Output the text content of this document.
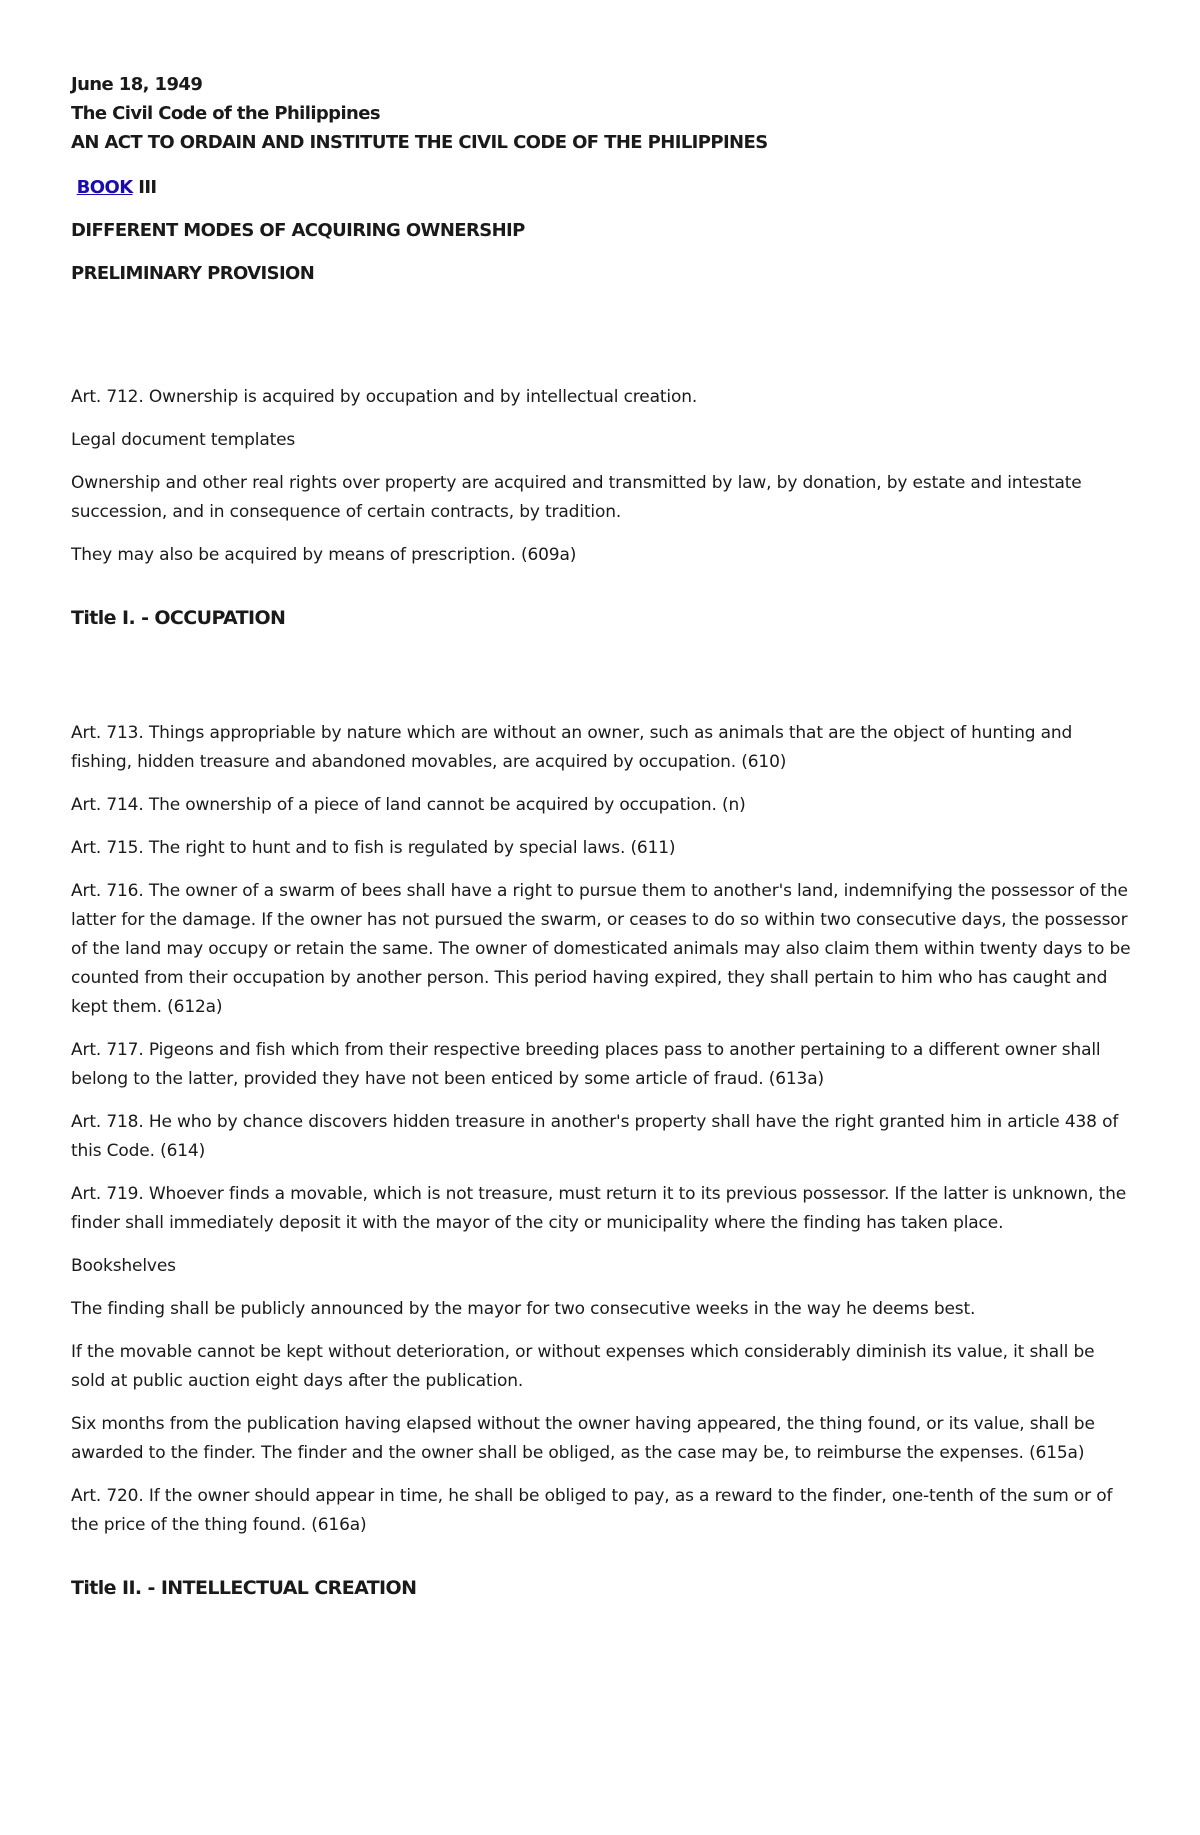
June 18, 1949

The Civil Code of the Philippines

AN ACT TO ORDAIN AND INSTITUTE THE CIVIL CODE OF THE PHILIPPINES

BOOK III

DIFFERENT MODES OF ACQUIRING OWNERSHIP

PRELIMINARY PROVISION

Art. 712. Ownership is acquired by occupation and by intellectual creation.

Legal document templates

Ownership and other real rights over property are acquired and transmitted by law, by donation, by estate and intestate succession, and in consequence of certain contracts, by tradition.

They may also be acquired by means of prescription. (609a)

Title I. - OCCUPATION

Art. 713. Things appropriable by nature which are without an owner, such as animals that are the object of hunting and fishing, hidden treasure and abandoned movables, are acquired by occupation. (610)

Art. 714. The ownership of a piece of land cannot be acquired by occupation. (n)

Art. 715. The right to hunt and to fish is regulated by special laws. (611)

Art. 716. The owner of a swarm of bees shall have a right to pursue them to another's land, indemnifying the possessor of the latter for the damage. If the owner has not pursued the swarm, or ceases to do so within two consecutive days, the possessor of the land may occupy or retain the same. The owner of domesticated animals may also claim them within twenty days to be counted from their occupation by another person. This period having expired, they shall pertain to him who has caught and kept them. (612a)

Art. 717. Pigeons and fish which from their respective breeding places pass to another pertaining to a different owner shall belong to the latter, provided they have not been enticed by some article of fraud. (613a)

Art. 718. He who by chance discovers hidden treasure in another's property shall have the right granted him in article 438 of this Code. (614)

Art. 719. Whoever finds a movable, which is not treasure, must return it to its previous possessor. If the latter is unknown, the finder shall immediately deposit it with the mayor of the city or municipality where the finding has taken place.

Bookshelves

The finding shall be publicly announced by the mayor for two consecutive weeks in the way he deems best.

If the movable cannot be kept without deterioration, or without expenses which considerably diminish its value, it shall be sold at public auction eight days after the publication.

Six months from the publication having elapsed without the owner having appeared, the thing found, or its value, shall be awarded to the finder. The finder and the owner shall be obliged, as the case may be, to reimburse the expenses. (615a)

Art. 720. If the owner should appear in time, he shall be obliged to pay, as a reward to the finder, one-tenth of the sum or of the price of the thing found. (616a)

Title II. - INTELLECTUAL CREATION
